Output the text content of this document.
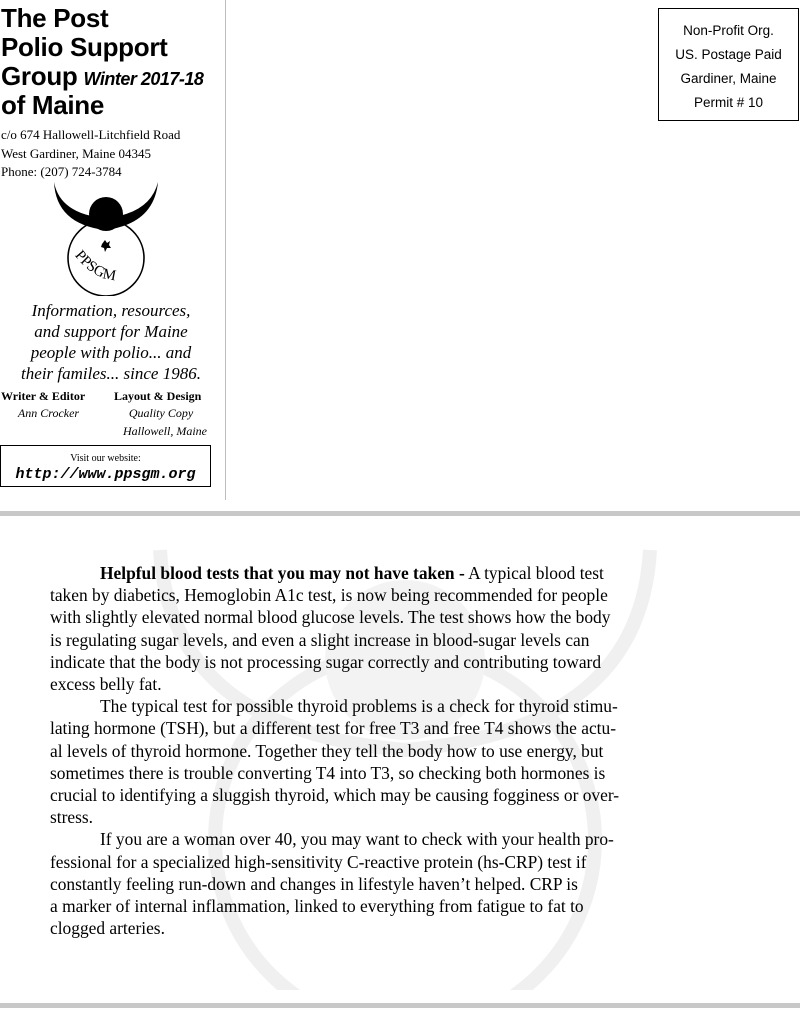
The Post
Polio Support
Group Winter 2017-18
of Maine
c/o 674 Hallowell-Litchfield Road
West Gardiner, Maine 04345
Phone: (207) 724-3784
PPSGM
Information, resources,
and support for Maine
people with polio... and
their familes... since 1986.
Writer & Editor Layout & Design
Ann Crocker	Quality Copy
Hallowell, Maine
Visit our website:
http://www.ppsgm.org
Non-Profit Org.
US. Postage Paid
Gardiner, Maine
Permit # 10

Helpful blood tests that you may not have taken - A typical blood test
taken by diabetics, Hemoglobin A1c test, is now being recommended for people
with slightly elevated normal blood glucose levels. The test shows how the body
is regulating sugar levels, and even a slight increase in blood-sugar levels can
indicate that the body is not processing sugar correctly and contributing toward
excess belly fat.

The typical test for possible thyroid problems is a check for thyroid stimu-
lating hormone (TSH), but a different test for free T3 and free T4 shows the actu-
al levels of thyroid hormone. Together they tell the body how to use energy, but
sometimes there is trouble converting T4 into T3, so checking both hormones is
crucial to identifying a sluggish thyroid, which may be causing fogginess or over-
stress.

If you are a woman over 40, you may want to check with your health pro-
fessional for a specialized high-sensitivity C-reactive protein (hs-CRP) test if
constantly feeling run-down and changes in lifestyle haven’t helped. CRP is
a marker of internal inflammation, linked to everything from fatigue to fat to
clogged arteries.
